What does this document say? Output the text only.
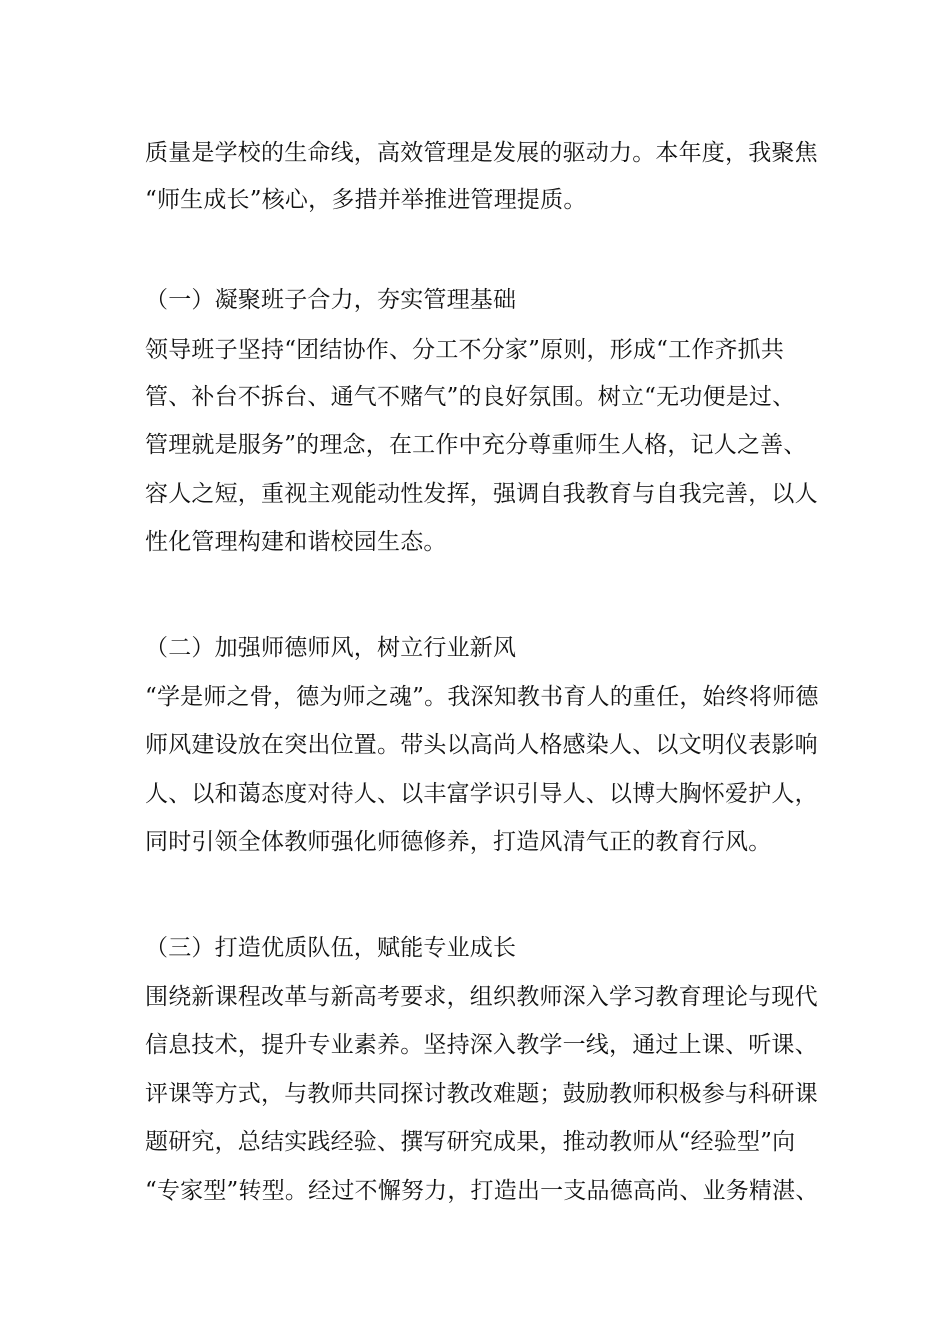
质量是学校的生命线，高效管理是发展的驱动力。本年度，我聚焦
“师生成长”核心，多措并举推进管理提质。
（一）凝聚班子合力，夯实管理基础
领导班子坚持“团结协作、分工不分家”原则，形成“工作齐抓共
管、补台不拆台、通气不赌气”的良好氛围。树立“无功便是过、
管理就是服务”的理念，在工作中充分尊重师生人格，记人之善、
容人之短，重视主观能动性发挥，强调自我教育与自我完善，以人
性化管理构建和谐校园生态。
（二）加强师德师风，树立行业新风
“学是师之骨，德为师之魂”。我深知教书育人的重任，始终将师德
师风建设放在突出位置。带头以高尚人格感染人、以文明仪表影响
人、以和蔼态度对待人、以丰富学识引导人、以博大胸怀爱护人，
同时引领全体教师强化师德修养，打造风清气正的教育行风。
（三）打造优质队伍，赋能专业成长
围绕新课程改革与新高考要求，组织教师深入学习教育理论与现代
信息技术，提升专业素养。坚持深入教学一线，通过上课、听课、
评课等方式，与教师共同探讨教改难题；鼓励教师积极参与科研课
题研究，总结实践经验、撰写研究成果，推动教师从“经验型”向
“专家型”转型。经过不懈努力，打造出一支品德高尚、业务精湛、
